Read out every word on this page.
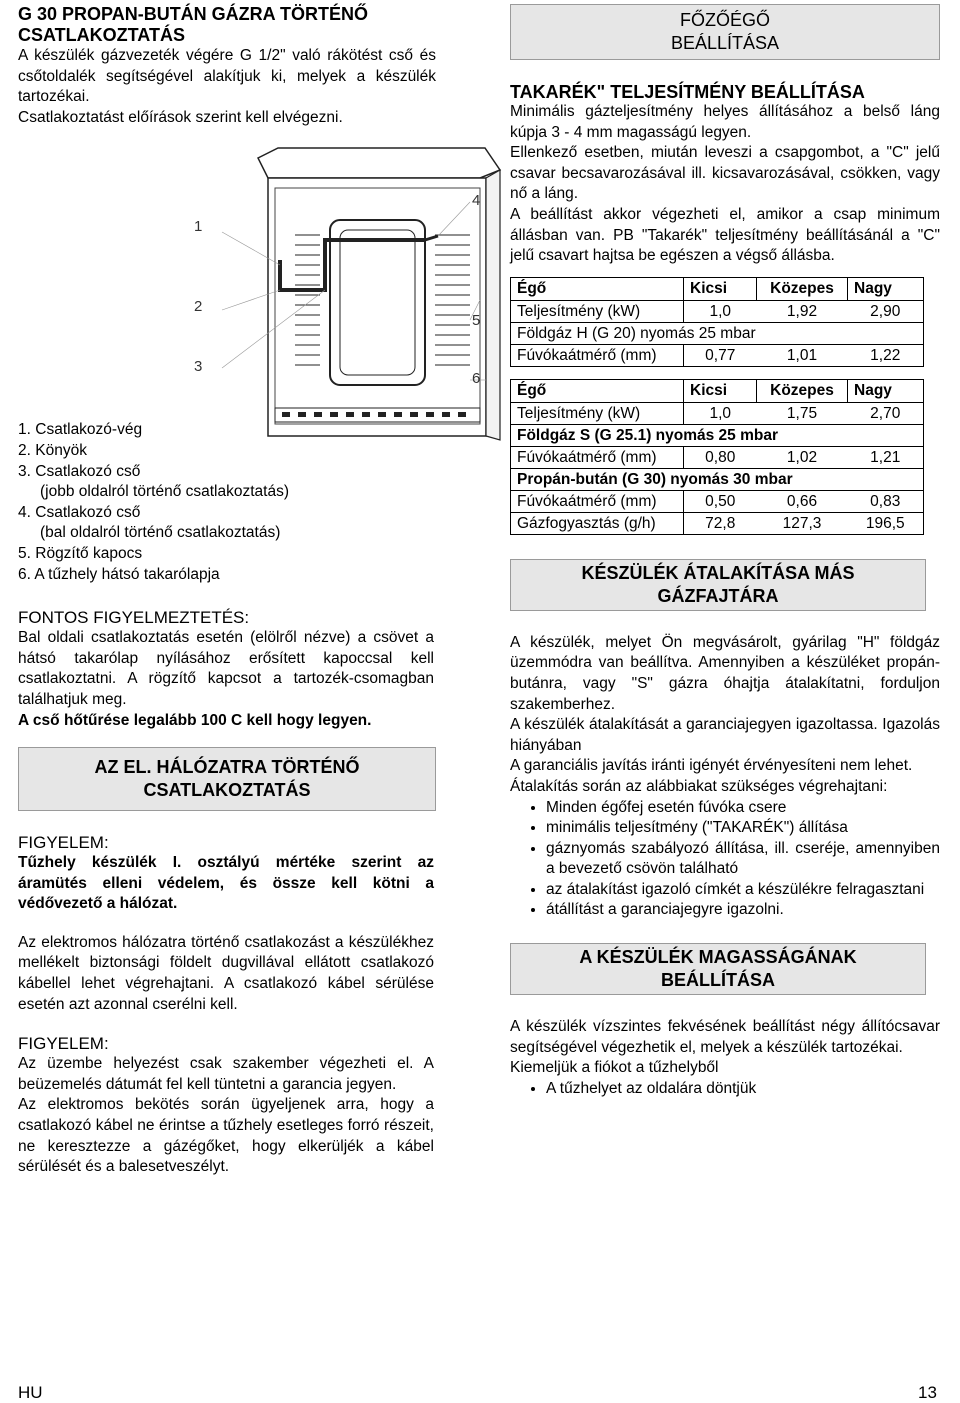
G 30 PROPAN-BUTÁN GÁZRA TÖRTÉNŐ CSATLAKOZTATÁS

A készülék gázvezeték végére G 1/2" való rákötést cső és csőtoldalék segítségével alakítjuk ki, melyek a készülék tartozékai.

Csatlakoztatást előírások szerint kell elvégezni.

1. Csatlakozó-vég
2. Könyök
3. Csatlakozó cső
(jobb oldalról történő csatlakoztatás)
4. Csatlakozó cső
(bal oldalról történő csatlakoztatás)
5. Rögzítő kapocs
6. A tűzhely hátsó takarólapja
FONTOS FIGYELMEZTETÉS:

Bal oldali csatlakoztatás esetén (elölről nézve) a csövet a hátsó takarólap nyílásához erősített kapoccsal kell csatlakoztatni. A rögzítő kapcsot a tartozék-csomagban találhatjuk meg.

A cső hőtűrése legalább 100 C kell hogy legyen.

AZ EL. HÁLÓZATRA TÖRTÉNŐ CSATLAKOZTATÁS
FIGYELEM:

Tűzhely készülék I. osztályú mértéke szerint az áramütés elleni védelem, és össze kell kötni a védővezető a hálózat.

Az elektromos hálózatra történő csatlakozást a készülékhez mellékelt biztonsági földelt dugvillával ellátott csatlakozó kábellel lehet végrehajtani. A csatlakozó kábel sérülése esetén azt azonnal cserélni kell.

FIGYELEM:

Az üzembe helyezést csak szakember végezheti el. A beüzemelés dátumát fel kell tüntetni a garancia jegyen.

Az elektromos bekötés során ügyeljenek arra, hogy a csatlakozó kábel ne érintse a tűzhely esetleges forró részeit, ne keresztezze a gázégőket, hogy elkerüljék a kábel sérülését és a balesetveszélyt.

1
2
3
4
5
6
FŐZŐÉGŐ BEÁLLÍTÁSA
TAKARÉK" TELJESÍTMÉNY BEÁLLÍTÁSA

Minimális gázteljesítmény helyes állításához a belső láng kúpja 3 - 4 mm magasságú legyen.

Ellenkező esetben, miután leveszi a csapgombot, a "C" jelű csavar becsavarozásával ill. kicsavarozásával, csökken, vagy nő a láng.

A beállítást akkor végezheti el, amikor a csap minimum állásban van. PB "Takarék" teljesítmény beállításánál a "C" jelű csavart hajtsa be egészen a végső állásba.

Égő	Kicsi	Közepes	Nagy
Teljesítmény (kW)	1,0	1,92	2,90
Földgáz H (G 20) nyomás 25 mbar			
Fúvókaátmérő (mm)	0,77	1,01	1,22
Égő	Kicsi	Közepes	Nagy
Teljesítmény (kW)	1,0	1,75	2,70
Földgáz S (G 25.1) nyomás 25 mbar			
Fúvókaátmérő (mm)	0,80	1,02	1,21
Propán-bután (G 30) nyomás 30 mbar			
Fúvókaátmérő (mm)	0,50	0,66	0,83
Gázfogyasztás (g/h)	72,8	127,3	196,5
KÉSZÜLÉK ÁTALAKÍTÁSA MÁS GÁZFAJTÁRA

A készülék, melyet Ön megvásárolt, gyárilag "H" földgáz üzemmódra van beállítva. Amennyiben a készüléket propán-butánra, vagy "S" gázra óhajtja átalakítatni, forduljon szakemberhez.

A készülék átalakítását a garanciajegyen igazoltassa. Igazolás hiányában

A garanciális javítás iránti igényét érvényesíteni nem lehet.

Átalakítás során az alábbiakat szükséges végrehajtani:

• Minden égőfej esetén fúvóka csere
• minimális teljesítmény ("TAKARÉK") állítása
• gáznyomás szabályozó állítása, ill. cseréje, amennyiben a bevezető csövön található
• az átalakítást igazoló címkét a készülékre felragasztani
• átállítást a garanciajegyre igazolni.
A KÉSZÜLÉK MAGASSÁGÁNAK BEÁLLÍTÁSA

A készülék vízszintes fekvésének beállítást négy állítócsavar segítségével végezhetik el, melyek a készülék tartozékai.

Kiemeljük a fiókot a tűzhelyből

• A tűzhelyet az oldalára döntjük
HU	13
